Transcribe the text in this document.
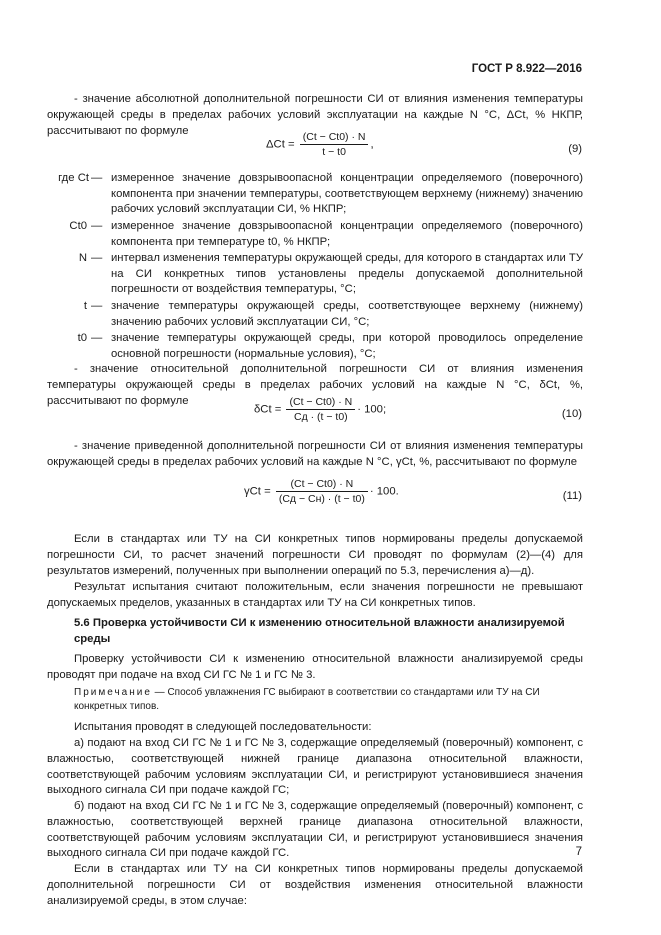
ГОСТ Р 8.922—2016
- значение абсолютной дополнительной погрешности СИ от влияния изменения температуры окружающей среды в пределах рабочих условий эксплуатации на каждые N °C, ΔCt, % НКПР, рассчитывают по формуле
$\Delta Ct = \frac{(Ct - Ct0) \cdot N}{t - t0}$ ,	(9)
где Ct — измеренное значение довзрывоопасной концентрации определяемого (поверочного) компонента при значении температуры, соответствующем верхнему (нижнему) значению рабочих условий эксплуатации СИ, % НКПР;
Ct0 — измеренное значение довзрывоопасной концентрации определяемого (поверочного) компонента при температуре t0, % НКПР;
N — интервал изменения температуры окружающей среды, для которого в стандартах или ТУ на СИ конкретных типов установлены пределы допускаемой дополнительной погрешности от воздействия температуры, °С;
t — значение температуры окружающей среды, соответствующее верхнему (нижнему) значению рабочих условий эксплуатации СИ, °С;
t0 — значение температуры окружающей среды, при которой проводилось определение основной погрешности (нормальные условия), °С;
- значение относительной дополнительной погрешности СИ от влияния изменения температуры окружающей среды в пределах рабочих условий на каждые N °C, δCt, %, рассчитывают по формуле
$\delta Ct = \frac{(Ct - Ct0) \cdot N}{Cд \cdot (t - t0)} \cdot 100$;	(10)
- значение приведенной дополнительной погрешности СИ от влияния изменения температуры окружающей среды в пределах рабочих условий на каждые N °C, γCt, %, рассчитывают по формуле
$\gamma Ct = \frac{(Ct - Ct0) \cdot N}{(Cд - Cн) \cdot (t - t0)} \cdot 100$.	(11)
Если в стандартах или ТУ на СИ конкретных типов нормированы пределы допускаемой погрешности СИ, то расчет значений погрешности СИ проводят по формулам (2)—(4) для результатов измерений, полученных при выполнении операций по 5.3, перечисления а)—д).
Результат испытания считают положительным, если значения погрешности не превышают допускаемых пределов, указанных в стандартах или ТУ на СИ конкретных типов.
5.6 Проверка устойчивости СИ к изменению относительной влажности анализируемой среды
Проверку устойчивости СИ к изменению относительной влажности анализируемой среды проводят при подаче на вход СИ ГС № 1 и ГС № 3.
Примечание — Способ увлажнения ГС выбирают в соответствии со стандартами или ТУ на СИ конкретных типов.
Испытания проводят в следующей последовательности:
а) подают на вход СИ ГС № 1 и ГС № 3, содержащие определяемый (поверочный) компонент, с влажностью, соответствующей нижней границе диапазона относительной влажности, соответствующей рабочим условиям эксплуатации СИ, и регистрируют установившиеся значения выходного сигнала СИ при подаче каждой ГС;
б) подают на вход СИ ГС № 1 и ГС № 3, содержащие определяемый (поверочный) компонент, с влажностью, соответствующей верхней границе диапазона относительной влажности, соответствующей рабочим условиям эксплуатации СИ, и регистрируют установившиеся значения выходного сигнала СИ при подаче каждой ГС.
Если в стандартах или ТУ на СИ конкретных типов нормированы пределы допускаемой дополнительной погрешности СИ от воздействия изменения относительной влажности анализируемой среды, в этом случае:
7
